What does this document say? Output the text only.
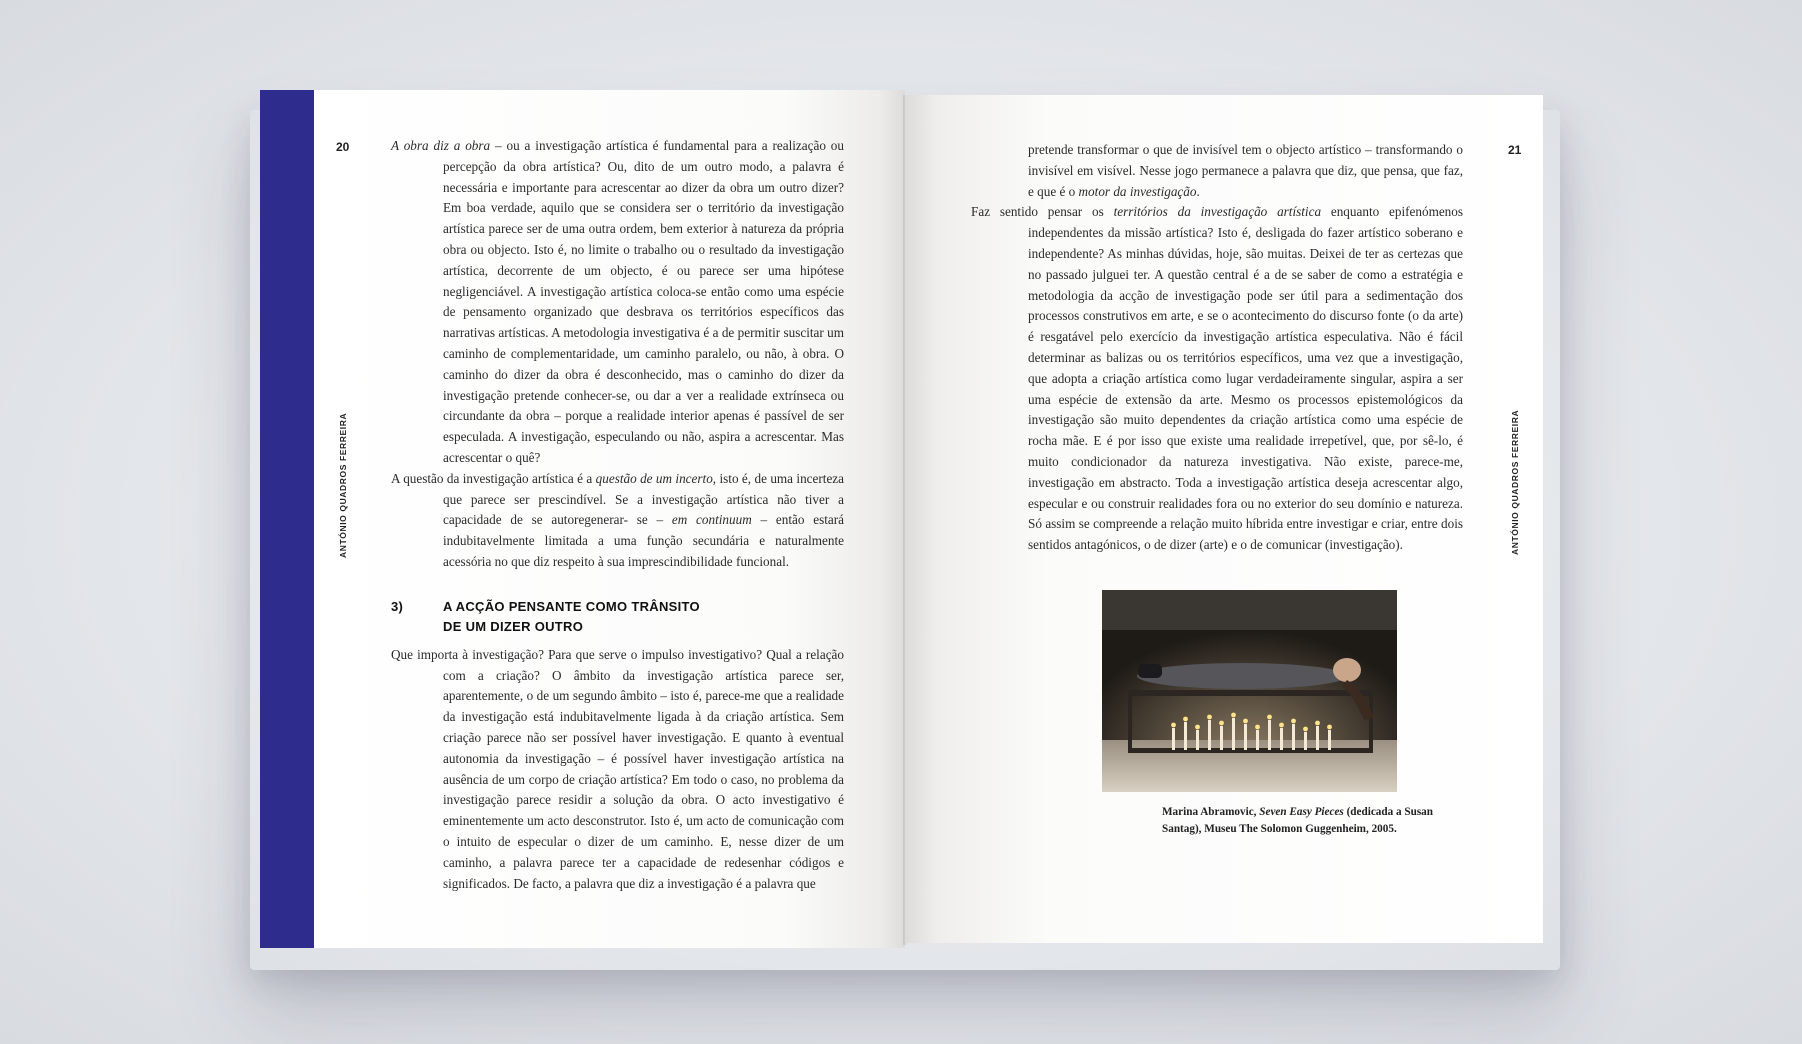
20
ANTÓNIO QUADROS FERREIRA

A obra diz a obra – ou a investigação artística é fundamental para a realização ou percepção da obra artística? Ou, dito de um outro modo, a palavra é necessária e importante para acrescentar ao dizer da obra um outro dizer? Em boa verdade, aquilo que se considera ser o território da investigação artística parece ser de uma outra ordem, bem exterior à natureza da própria obra ou objecto. Isto é, no limite o trabalho ou o resultado da investigação artística, decorrente de um objecto, é ou parece ser uma hipótese negligenciável. A investigação artística coloca-se então como uma espécie de pensamento organizado que desbrava os territórios específicos das narrativas artísticas. A metodologia investigativa é a de permitir suscitar um caminho de complementaridade, um caminho paralelo, ou não, à obra. O caminho do dizer da obra é desconhecido, mas o caminho do dizer da investigação pretende conhecer-se, ou dar a ver a realidade extrínseca ou circundante da obra – porque a realidade interior apenas é passível de ser especulada. A investigação, especulando ou não, aspira a acrescentar. Mas acrescentar o quê?

A questão da investigação artística é a questão de um incerto, isto é, de uma incerteza que parece ser prescindível. Se a investigação artística não tiver a capacidade de se autoregenerar- se – em continuum – então estará indubitavelmente limitada a uma função secundária e naturalmente acessória no que diz respeito à sua imprescindibilidade funcional.

3)	A ACÇÃO PENSANTE COMO TRÂNSITO
DE UM DIZER OUTRO

Que importa à investigação? Para que serve o impulso investigativo? Qual a relação com a criação? O âmbito da investigação artística parece ser, aparentemente, o de um segundo âmbito – isto é, parece-me que a realidade da investigação está indubitavelmente ligada à da criação artística. Sem criação parece não ser possível haver investigação. E quanto à eventual autonomia da investigação – é possível haver investigação artística na ausência de um corpo de criação artística? Em todo o caso, no problema da investigação parece residir a solução da obra. O acto investigativo é eminentemente um acto desconstrutor. Isto é, um acto de comunicação com o intuito de especular o dizer de um caminho. E, nesse dizer de um caminho, a palavra parece ter a capacidade de redesenhar códigos e significados. De facto, a palavra que diz a investigação é a palavra que

21
ANTÓNIO QUADROS FERREIRA

pretende transformar o que de invisível tem o objecto artístico – transformando o invisível em visível. Nesse jogo permanece a palavra que diz, que pensa, que faz, e que é o motor da investigação.

Faz sentido pensar os territórios da investigação artística enquanto epifenómenos independentes da missão artística? Isto é, desligada do fazer artístico soberano e independente? As minhas dúvidas, hoje, são muitas. Deixei de ter as certezas que no passado julguei ter. A questão central é a de se saber de como a estratégia e metodologia da acção de investigação pode ser útil para a sedimentação dos processos construtivos em arte, e se o acontecimento do discurso fonte (o da arte) é resgatável pelo exercício da investigação artística especulativa. Não é fácil determinar as balizas ou os territórios específicos, uma vez que a investigação, que adopta a criação artística como lugar verdadeiramente singular, aspira a ser uma espécie de extensão da arte. Mesmo os processos epistemológicos da investigação são muito dependentes da criação artística como uma espécie de rocha mãe. E é por isso que existe uma realidade irrepetível, que, por sê-lo, é muito condicionador da natureza investigativa. Não existe, parece-me, investigação em abstracto. Toda a investigação artística deseja acrescentar algo, especular e ou construir realidades fora ou no exterior do seu domínio e natureza. Só assim se compreende a relação muito híbrida entre investigar e criar, entre dois sentidos antagónicos, o de dizer (arte) e o de comunicar (investigação).

Marina Abramovic, Seven Easy Pieces (dedicada a Susan Santag), Museu The Solomon Guggenheim, 2005.
